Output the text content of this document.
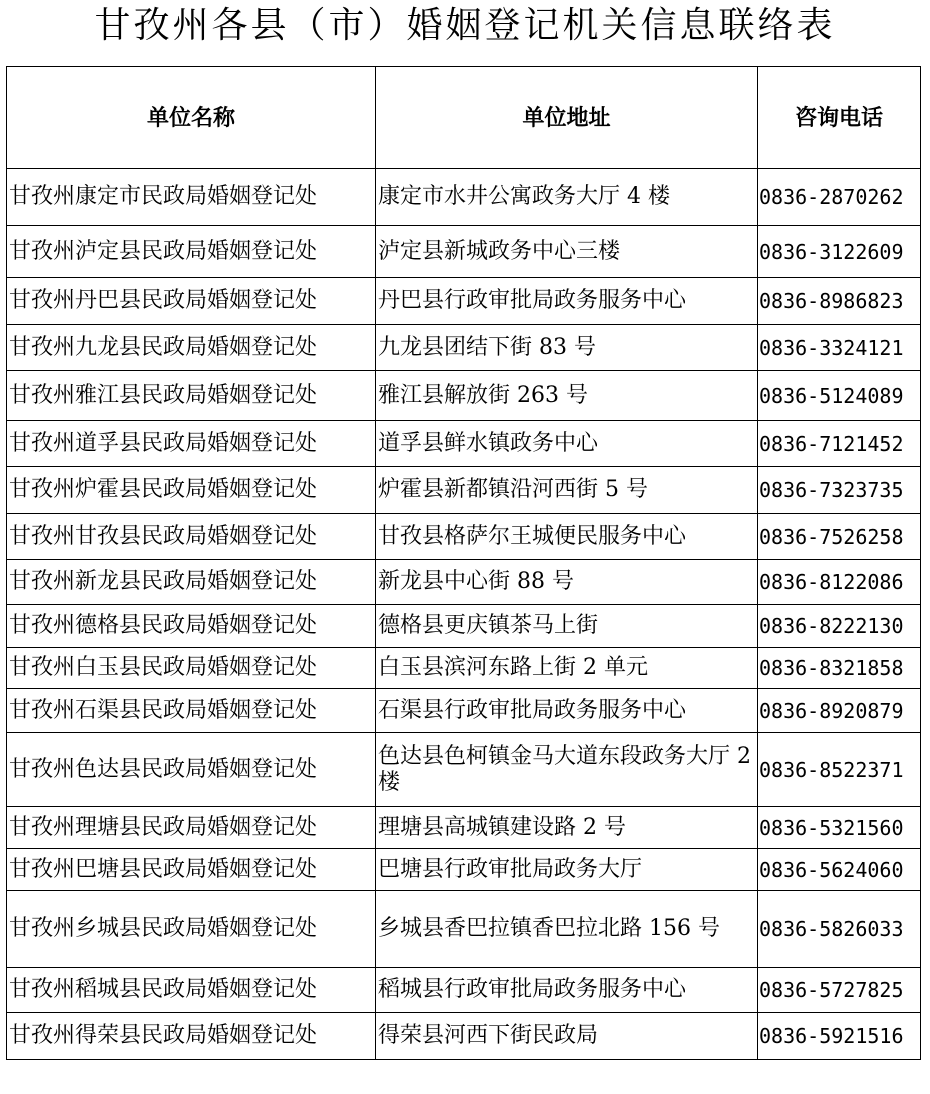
甘孜州各县（市）婚姻登记机关信息联络表
单位名称	单位地址	咨询电话
甘孜州康定市民政局婚姻登记处	康定市水井公寓政务大厅 4 楼	0836-2870262
甘孜州泸定县民政局婚姻登记处	泸定县新城政务中心三楼	0836-3122609
甘孜州丹巴县民政局婚姻登记处	丹巴县行政审批局政务服务中心	0836-8986823
甘孜州九龙县民政局婚姻登记处	九龙县团结下街 83 号	0836-3324121
甘孜州雅江县民政局婚姻登记处	雅江县解放街 263 号	0836-5124089
甘孜州道孚县民政局婚姻登记处	道孚县鲜水镇政务中心	0836-7121452
甘孜州炉霍县民政局婚姻登记处	炉霍县新都镇沿河西街 5 号	0836-7323735
甘孜州甘孜县民政局婚姻登记处	甘孜县格萨尔王城便民服务中心	0836-7526258
甘孜州新龙县民政局婚姻登记处	新龙县中心街 88 号	0836-8122086
甘孜州德格县民政局婚姻登记处	德格县更庆镇茶马上街	0836-8222130
甘孜州白玉县民政局婚姻登记处	白玉县滨河东路上街 2 单元	0836-8321858
甘孜州石渠县民政局婚姻登记处	石渠县行政审批局政务服务中心	0836-8920879
甘孜州色达县民政局婚姻登记处	色达县色柯镇金马大道东段政务大厅 2 楼	0836-8522371
甘孜州理塘县民政局婚姻登记处	理塘县高城镇建设路 2 号	0836-5321560
甘孜州巴塘县民政局婚姻登记处	巴塘县行政审批局政务大厅	0836-5624060
甘孜州乡城县民政局婚姻登记处	乡城县香巴拉镇香巴拉北路 156 号	0836-5826033
甘孜州稻城县民政局婚姻登记处	稻城县行政审批局政务服务中心	0836-5727825
甘孜州得荣县民政局婚姻登记处	得荣县河西下街民政局	0836-5921516
